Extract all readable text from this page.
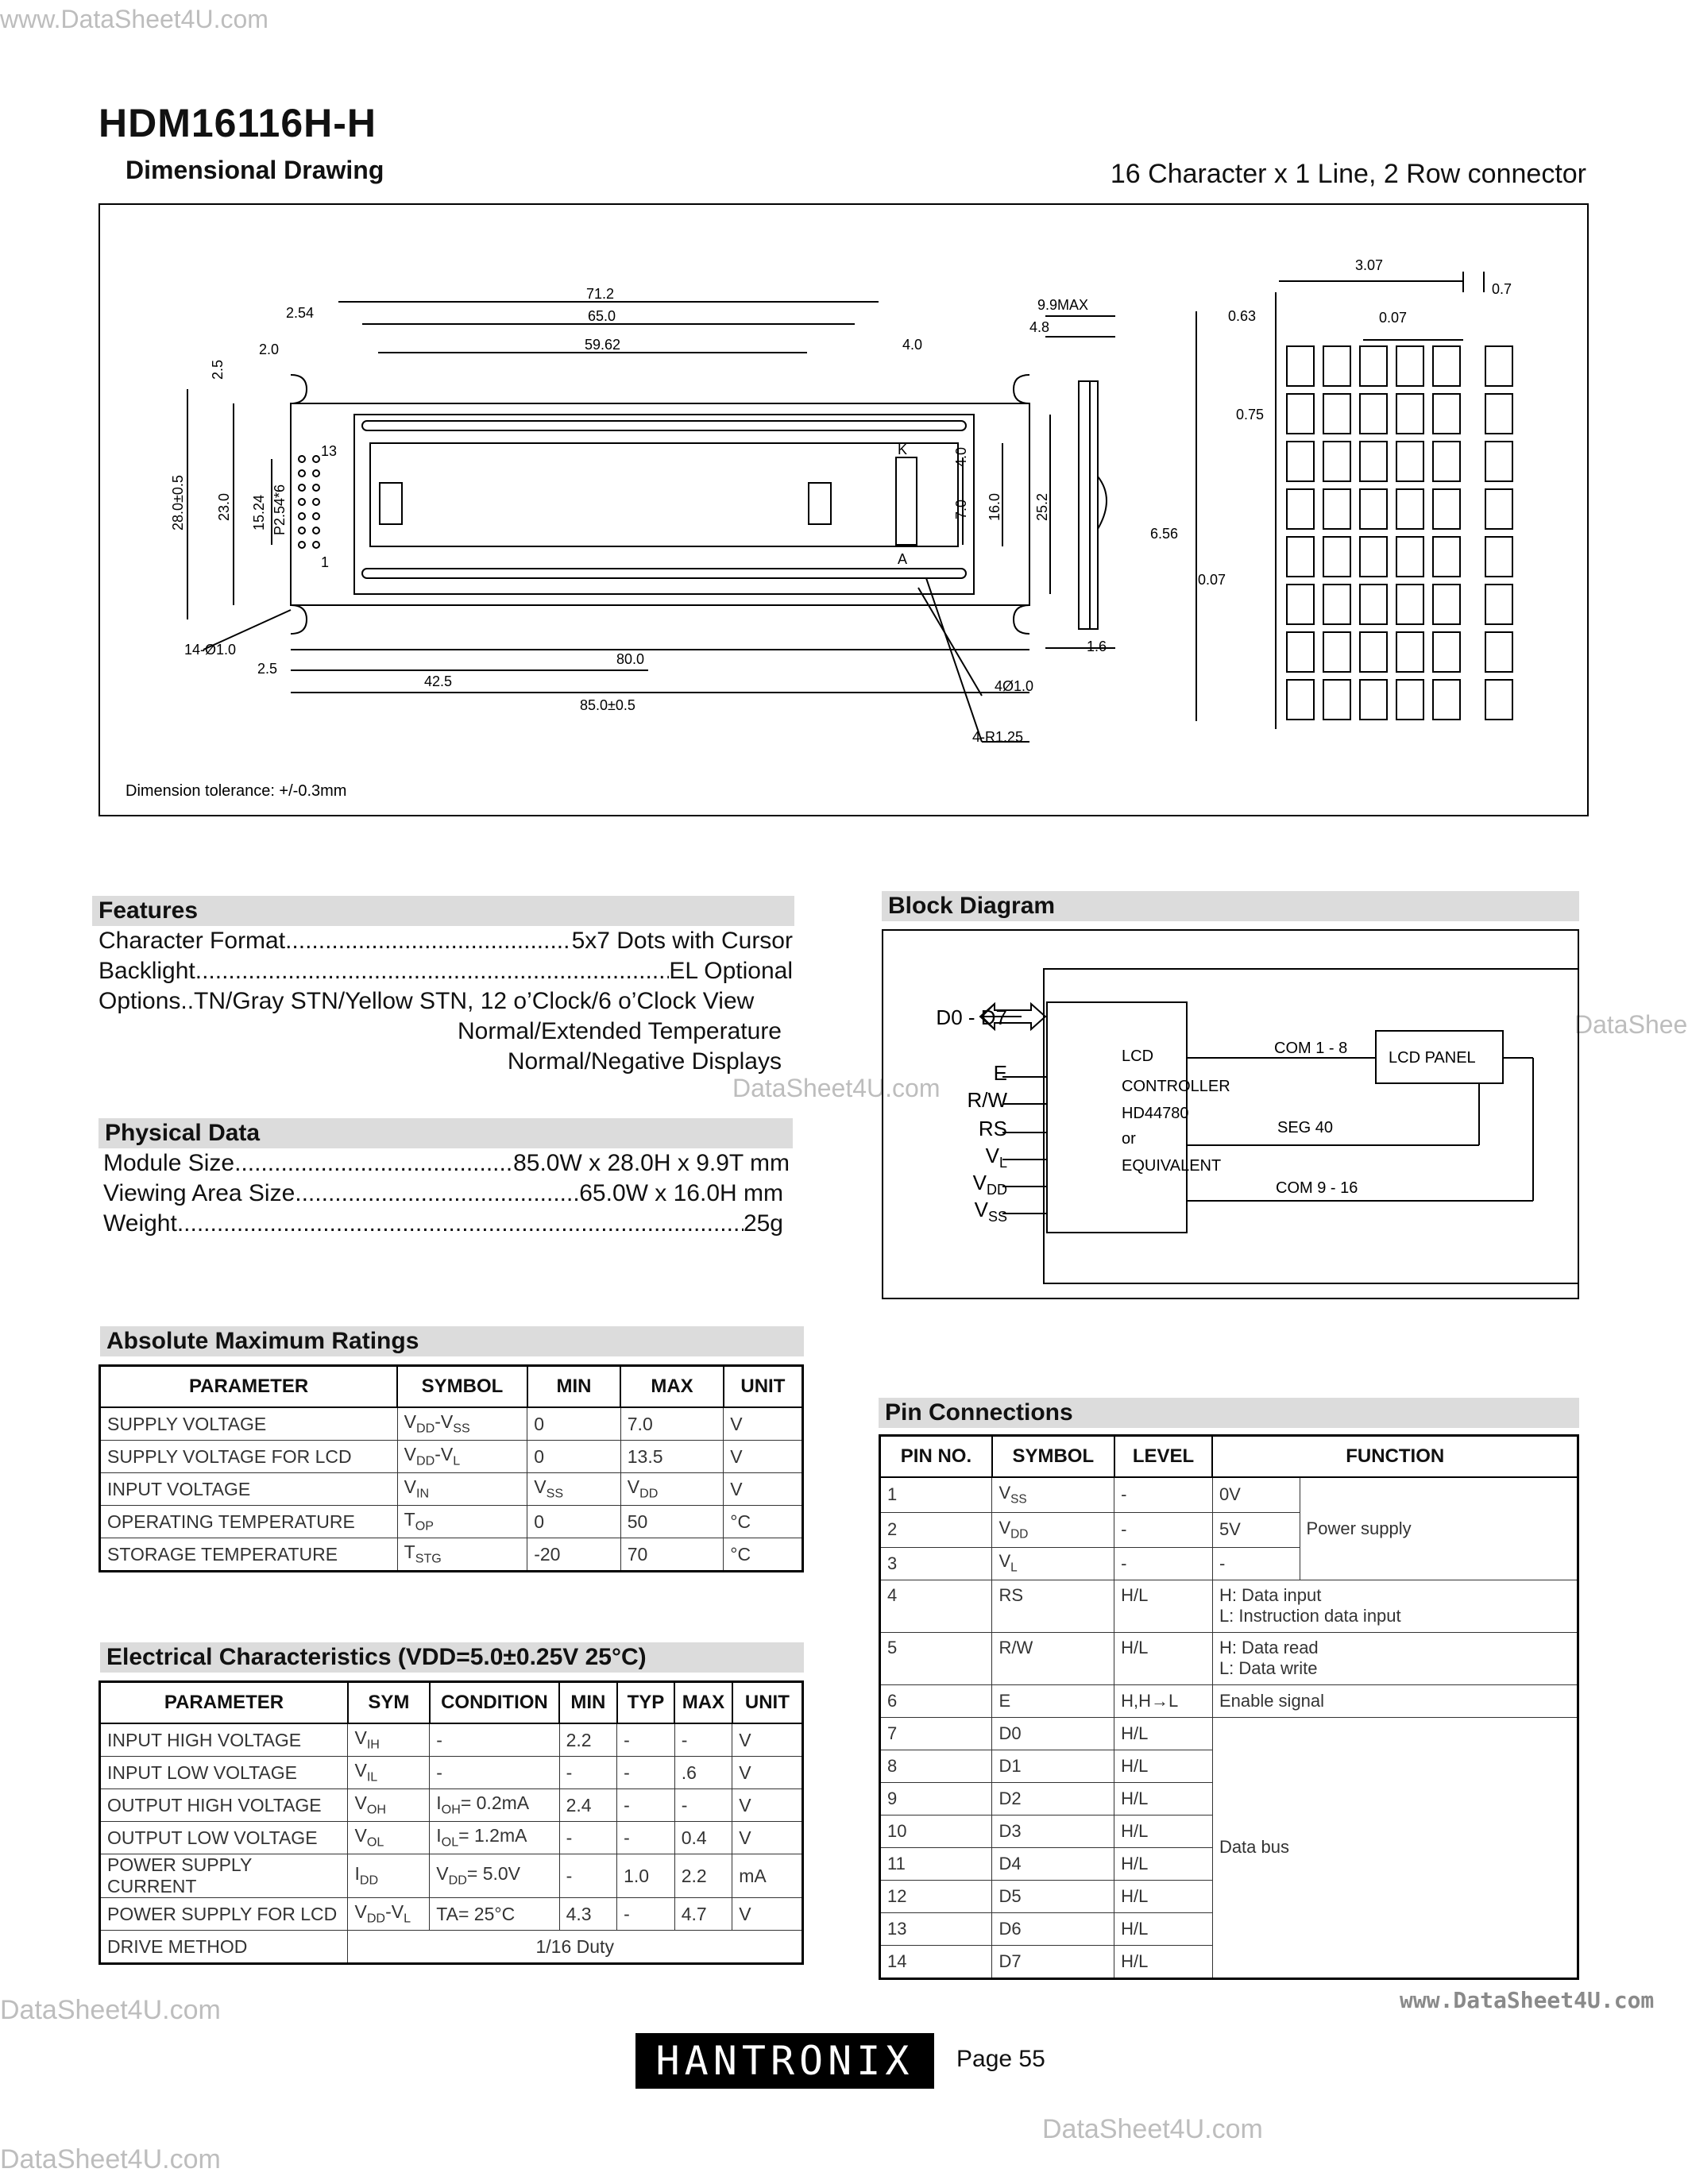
www.DataSheet4U.com
DataSheet4U.com
DataShee
DataSheet4U.com	www.DataSheet4U.com
DataSheet4U.com
DataSheet4U.com
HDM16116H-H
Dimensional Drawing	16 Character x 1 Line, 2 Row connector
71.2
65.0
59.62
2.54
2.0
2.5
4.0
9.9MAX
4.8
28.0±0.5 23.0 15.24 P2.54*6
13
1
K
A
4.0
7.0 16.0 25.2
14-Ø1.0
2.5
80.0
42.5
85.0±0.5
4Ø1.0
4-R1.25
1.6
3.07
0.7
0.63	0.07
0.75
6.56
0.07
Dimension tolerance: +/-0.3mm
Features
Character Format .....	5x7 Dots with Cursor
Backlight .....	EL Optional
Options..TN/Gray STN/Yellow STN, 12 o’Clock/6 o’Clock View
Normal/Extended Temperature
Normal/Negative Displays
Physical Data
Module Size .....	85.0W x 28.0H x 9.9T mm
Viewing Area Size .....	65.0W x 16.0H mm
Weight .....	25g
Absolute Maximum Ratings
PARAMETER	SYMBOL	MIN	MAX	UNIT
SUPPLY VOLTAGE	$V_{DD}-V_{SS}$	0	7.0	V
SUPPLY VOLTAGE FOR LCD	$V_{DD}-V_L$	0	13.5	V
INPUT VOLTAGE	$V_{IN}$	$V_{SS}$	$V_{DD}$	V
OPERATING TEMPERATURE	$T_{OP}$	0	50	°C
STORAGE TEMPERATURE	$T_{STG}$	-20	70	°C
Electrical Characteristics (VDD=5.0±0.25V 25°C)
PARAMETER	SYM	CONDITION	MIN	TYP	MAX	UNIT
INPUT HIGH VOLTAGE	$V_{IH}$	-	2.2	-	-	V
INPUT LOW VOLTAGE	$V_{IL}$	-	-	-	.6	V
OUTPUT HIGH VOLTAGE	$V_{OH}$	$I_{OH}= 0.2mA$	2.4	-	-	V
OUTPUT LOW VOLTAGE	$V_{OL}$	$I_{OL}= 1.2mA$	-	-	0.4	V
POWER SUPPLY CURRENT	$I_{DD}$	$V_{DD}= 5.0V$	-	1.0	2.2	mA
POWER SUPPLY FOR LCD	$V_{DD}-V_L$	TA= 25°C	4.3	-	4.7	V
DRIVE METHOD	1/16 Duty					
Block Diagram
D0 - D7
E
R/W
RS
$V_L$
$V_{DD}$
$V_{SS}$
LCD
CONTROLLER
HD44780
or
EQUIVALENT
LCD PANEL
COM 1 - 8
SEG 40
COM 9 - 16
Pin Connections
PIN NO.	SYMBOL	LEVEL	FUNCTION	
1	$V_{SS}$	-	0V	Power supply
2	$V_{DD}$	-	5V	
3	$V_L$	-	-	
4	RS	H/L	H: Data input
L: Instruction data input	

5	R/W	H/L	H: Data read
L: Data write	

6	E	H,H→L	Enable signal	
7	D0	H/L	Data bus	
8	D1	H/L		
9	D2	H/L		
10	D3	H/L		
11	D4	H/L		
12	D5	H/L		
13	D6	H/L		
14	D7	H/L		
HANTRONIX	Page 55
